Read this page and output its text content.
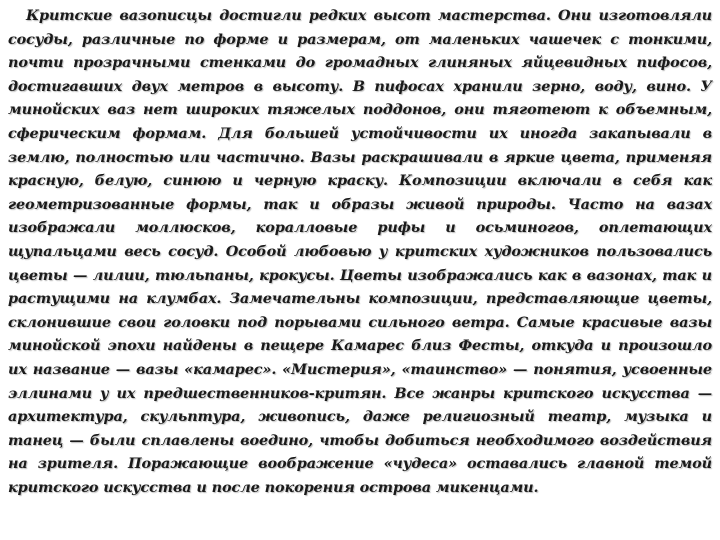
Критские вазописцы достигли редких высот мастерства. Они изготовляли сосуды, различные по форме и размерам, от маленьких чашечек с тонкими, почти прозрачными стенками до громадных глиняных яйцевидных пифосов, достигавших двух метров в высоту. В пифосах хранили зерно, воду, вино. У минойских ваз нет широких тяжелых поддонов, они тяготеют к объемным, сферическим формам. Для большей устойчивости их иногда закапывали в землю, полностью или частично. Вазы раскрашивали в яркие цвета, применяя красную, белую, синюю и черную краску. Композиции включали в себя как геометризованные формы, так и образы живой природы. Часто на вазах изображали моллюсков, коралловые рифы и осьминогов, оплетающих щупальцами весь сосуд. Особой любовью у критских художников пользовались цветы — лилии, тюльпаны, крокусы. Цветы изображались как в вазонах, так и растущими на клумбах. Замечательны композиции, представляющие цветы, склонившие свои головки под порывами сильного ветра. Самые красивые вазы минойской эпохи найдены в пещере Камарес близ Фесты, откуда и произошло их название — вазы «камарес». «Мистерия», «таинство» — понятия, усвоенные эллинами у их предшественников-критян. Все жанры критского искусства — архитектура, скульптура, живопись, даже религиозный театр, музыка и танец — были сплавлены воедино, чтобы добиться необходимого воздействия на зрителя. Поражающие воображение «чудеса» оставались главной темой критского искусства и после покорения острова микенцами.
